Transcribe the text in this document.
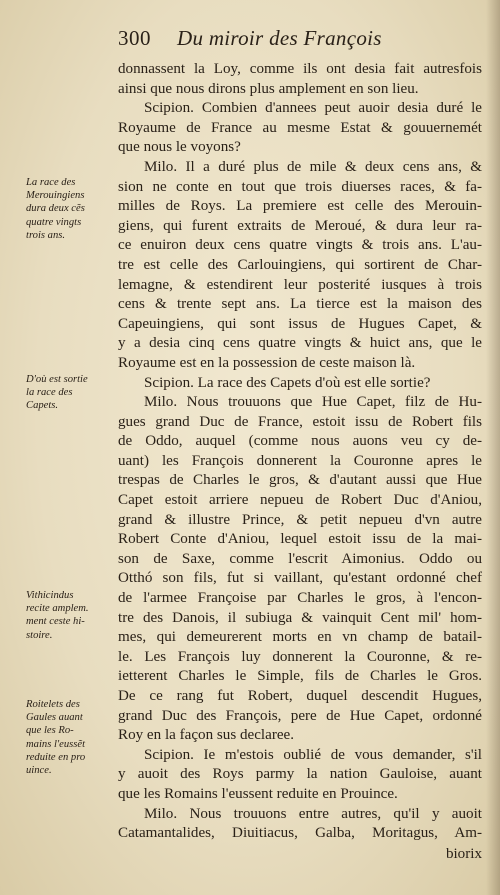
300 Du miroir des François
donnassent la Loy, comme ils ont desia fait autresfois
ainsi que nous dirons plus amplement en son lieu.
Scipion. Combien d'annees peut auoir desia duré le
Royaume de France au mesme Estat & gouuernemét
que nous le voyons?
Milo. Il a duré plus de mile & deux cens ans, &
sion ne conte en tout que trois diuerses races, & fa-
milles de Roys. La premiere est celle des Merouin-
giens, qui furent extraits de Meroué, & dura leur ra-
ce enuiron deux cens quatre vingts & trois ans. L'au-
tre est celle des Carlouingiens, qui sortirent de Char-
lemagne, & estendirent leur posterité iusques à trois
cens & trente sept ans. La tierce est la maison des
Capeuingiens, qui sont issus de Hugues Capet, &
y a desia cinq cens quatre vingts & huict ans, que le
Royaume est en la possession de ceste maison là.
Scipion. La race des Capets d'où est elle sortie?
Milo. Nous trouuons que Hue Capet, filz de Hu-
gues grand Duc de France, estoit issu de Robert fils
de Oddo, auquel (comme nous auons veu cy de-
uant) les François donnerent la Couronne apres le
trespas de Charles le gros, & d'autant aussi que Hue
Capet estoit arriere nepueu de Robert Duc d'Aniou,
grand & illustre Prince, & petit nepueu d'vn autre
Robert Conte d'Aniou, lequel estoit issu de la mai-
son de Saxe, comme l'escrit Aimonius. Oddo ou
Otthó son fils, fut si vaillant, qu'estant ordonné chef
de l'armee Françoise par Charles le gros, à l'encon-
tre des Danois, il subiuga & vainquit Cent mil' hom-
mes, qui demeurerent morts en vn champ de batail-
le. Les François luy donnerent la Couronne, & re-
ietterent Charles le Simple, fils de Charles le Gros.
De ce rang fut Robert, duquel descendit Hugues,
grand Duc des François, pere de Hue Capet, ordonné
Roy en la façon sus declaree.
Scipion. Ie m'estois oublié de vous demander, s'il
y auoit des Roys parmy la nation Gauloise, auant
que les Romains l'eussent reduite en Prouince.
Milo. Nous trouuons entre autres, qu'il y auoit
Catamantalides, Diuitiacus, Galba, Moritagus, Am-
La race des
Merouingiens
dura deux cẽs
quatre vingts
trois ans.
D'où est sortie
la race des
Capets.
Vithicindus
recite amplem.
ment ceste hi-
stoire.
Roitelets des
Gaules auant
que les Ro-
mains l'eussẽt
reduite en pro
uince.
biorix
